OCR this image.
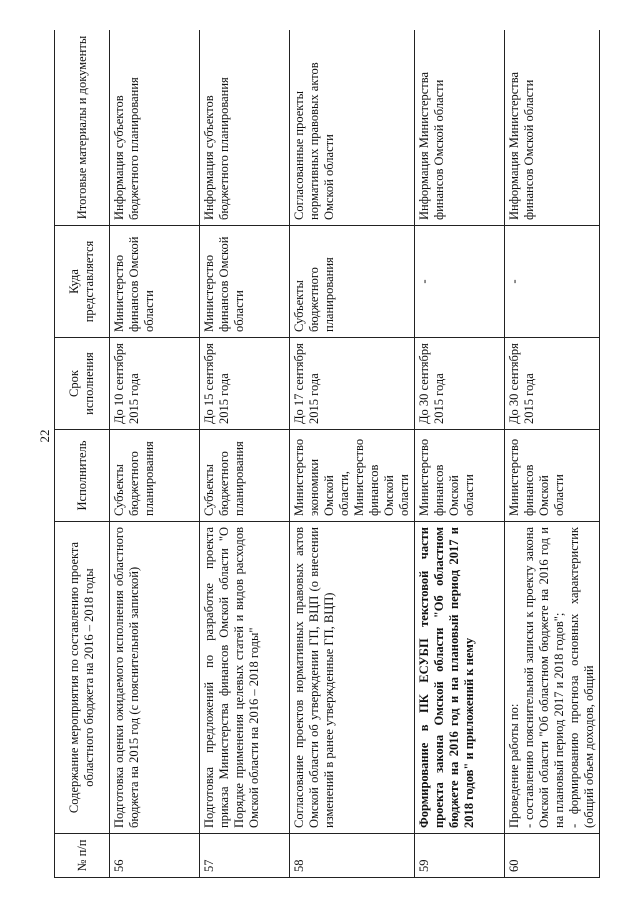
22
№ п/п	Содержание мероприятия по составлению проекта областного бюджета на 2016 – 2018 годы	Исполнитель	Срок исполнения	Куда представляется	Итоговые материалы и документы
56	Подготовка оценки ожидаемого исполнения областного бюджета на 2015 год (с пояснительной запиской)	Субъекты бюджетного планирования	До 10 сентября 2015 года	Министерство финансов Омской области	Информация субъектов бюджетного планирования
57	Подготовка предложений по разработке проекта приказа Министерства финансов Омской области "О Порядке применения целевых статей и видов расходов Омской области на 2016 – 2018 годы"	Субъекты бюджетного планирования	До 15 сентября 2015 года	Министерство финансов Омской области	Информация субъектов бюджетного планирования
58	Согласование проектов нормативных правовых актов Омской области об утверждении ГП, ВЦП (о внесении изменений в ранее утвержденные ГП, ВЦП)	Министерство экономики Омской области, Министерство финансов Омской области	До 17 сентября 2015 года	Субъекты бюджетного планирования	Согласованные проекты нормативных правовых актов Омской области
59	Формирование в ПК ЕСУБП текстовой части проекта закона Омской области "Об областном бюджете на 2016 год и на плановый период 2017 и 2018 годов" и приложений к нему	Министерство финансов Омской области	До 30 сентября 2015 года	-	Информация Министерства финансов Омской области
60	Проведение работы по: - составлению пояснительной записки к проекту закона Омской области "Об областном бюджете на 2016 год и на плановый период 2017 и 2018 годов"; - формированию прогноза основных характеристик (общий объем доходов, общий	Министерство финансов Омской области	До 30 сентября 2015 года	-	Информация Министерства финансов Омской области
